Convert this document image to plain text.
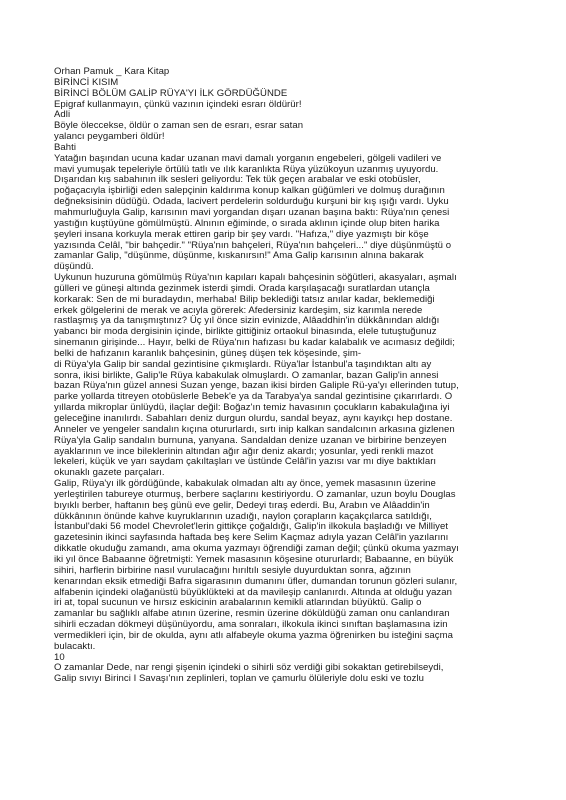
Orhan Pamuk _ Kara Kitap
BİRİNCİ KISIM
BİRİNCİ BÖLÜM GALİP RÜYA'YI İLK GÖRDÜĞÜNDE
Epigraf kullanmayın, çünkü vazının içindeki esrarı öldürür!
Adli
Böyle öleccekse, öldür o zaman sen de esrarı, esrar satan
yalancı peygamberi öldür!
Bahti
Yatağın başından ucuna kadar uzanan mavi damalı yorganın engebeleri, gölgeli vadileri ve
mavi yumuşak tepeleriyle örtülü tatlı ve ılık karanlıkta Rüya yüzükoyun uzanmış uyuyordu.
Dışarıdan kış sabahının ilk sesleri geliyordu: Tek tük geçen arabalar ve eski otobüsler,
poğaçacıyla işbirliği eden salepçinin kaldırıma konup kalkan güğümleri ve dolmuş durağının
değneksisinin düdüğü. Odada, lacivert perdelerin soldurduğu kurşuni bir kış ışığı vardı. Uyku
mahmurluğuyla Galip, karısının mavi yorgandan dışarı uzanan başına baktı: Rüya'nın çenesi
yastığın kuştüyüne gömülmüştü. Alnının eğiminde, o sırada aklının içinde olup biten harika
şeyleri insana korkuyla merak ettiren garip bir şey vardı. "Hafıza," diye yazmıştı bir köşe
yazısında Celâl, "bir bahçedir." "Rüya'nın bahçeleri, Rüya'nın bahçeleri..." diye düşünmüştü o
zamanlar Galip, "düşünme, düşünme, kıskanırsın!" Ama Galip karısının alnına bakarak
düşündü.
Uykunun huzuruna gömülmüş Rüya'nın kapıları kapalı bahçesinin söğütleri, akasyaları, aşmalı
gülleri ve güneşi altında gezinmek isterdi şimdi. Orada karşılaşacağı suratlardan utançla
korkarak: Sen de mi buradaydın, merhaba! Bilip beklediği tatsız anılar kadar, beklemediği
erkek gölgelerini de merak ve acıyla görerek: Afedersiniz kardeşim, siz karımla nerede
rastlaşmış ya da tanışmıştınız? Üç yıl önce sizin evinizde, Alâaddhin'in dükkânından aldığı
yabancı bir moda dergisinin içinde, birlikte gittiğiniz ortaokul binasında, elele tutuştuğunuz
sinemanın girişinde... Hayır, belki de Rüya'nın hafızası bu kadar kalabalık ve acımasız değildi;
belki de hafızanın karanlık bahçesinin, güneş düşen tek köşesinde, şim-
di Rüya'yla Galip bir sandal gezintisine çıkmışlardı. Rüya'lar İstanbul'a taşındıktan altı ay
sonra, ikisi birlikte, Galip'le Rüya kabakulak olmuşlardı. O zamanlar, bazan Galip'in annesi
bazan Rüya'nın güzel annesi Suzan yenge, bazan ikisi birden Galiple Rü-ya'yı ellerinden tutup,
parke yollarda titreyen otobüslerle Bebek'e ya da Tarabya'ya sandal gezintisine çıkarırlardı. O
yıllarda mikroplar ünlüydü, ilaçlar değil: Boğaz'ın temiz havasının çocukların kabakulağına iyi
geleceğine inanılırdı. Sabahları deniz durgun olurdu, sandal beyaz, aynı kayıkçı hep dostane.
Anneler ve yengeler sandalın kıçına otururlardı, sırtı inip kalkan sandalcının arkasına gizlenen
Rüya'yla Galip sandalın burnuna, yanyana. Sandaldan denize uzanan ve birbirine benzeyen
ayaklarının ve ince bileklerinin altından ağır ağır deniz akardı; yosunlar, yedi renkli mazot
lekeleri, küçük ve yarı saydam çakıltaşları ve üstünde Celâl'in yazısı var mı diye baktıkları
okunaklı gazete parçaları.
Galip, Rüya'yı ilk gördüğünde, kabakulak olmadan altı ay önce, yemek masasının üzerine
yerleştirilen tabureye oturmuş, berbere saçlarını kestiriyordu. O zamanlar, uzun boylu Douglas
bıyıklı berber, haftanın beş günü eve gelir, Dedeyi tıraş ederdi. Bu, Arabın ve Alâaddin'in
dükkânının önünde kahve kuyruklarının uzadığı, naylon çorapların kaçakçılarca satıldığı,
İstanbul'daki 56 model Chevrolet'lerin gittikçe çoğaldığı, Galip'in ilkokula başladığı ve Milliyet
gazetesinin ikinci sayfasında haftada beş kere Selim Kaçmaz adıyla yazan Celâl'in yazılarını
dikkatle okuduğu zamandı, ama okuma yazmayı öğrendiği zaman değil; çünkü okuma yazmayı
iki yıl önce Babaanne öğretmişti: Yemek masasının köşesine otururlardı; Babaanne, en büyük
sihiri, harflerin birbirine nasıl vurulacağını hırıltılı sesiyle duyurduktan sonra, ağzının
kenarından eksik etmediği Bafra sigarasının dumanını üfler, dumandan torunun gözleri sulanır,
alfabenin içindeki olağanüstü büyüklükteki at da mavileşip canlanırdı. Altında at olduğu yazan
iri at, topal sucunun ve hırsız eskicinin arabalarının kemikli atlarından büyüktü. Galip o
zamanlar bu sağlıklı alfabe atının üzerine, resmin üzerine döküldüğü zaman onu canlandıran
sihirli eczadan dökmeyi düşünüyordu, ama sonraları, ilkokula ikinci sınıftan başlamasına izin
vermedikleri için, bir de okulda, aynı atlı alfabeyle okuma yazma öğrenirken bu isteğini saçma
bulacaktı.
10
O zamanlar Dede, nar rengi şişenin içindeki o sihirli söz verdiği gibi sokaktan getirebilseydi,
Galip sıvıyı Birinci I Savaşı'nın zeplinleri, toplan ve çamurlu ölüleriyle dolu eski ve tozlu
